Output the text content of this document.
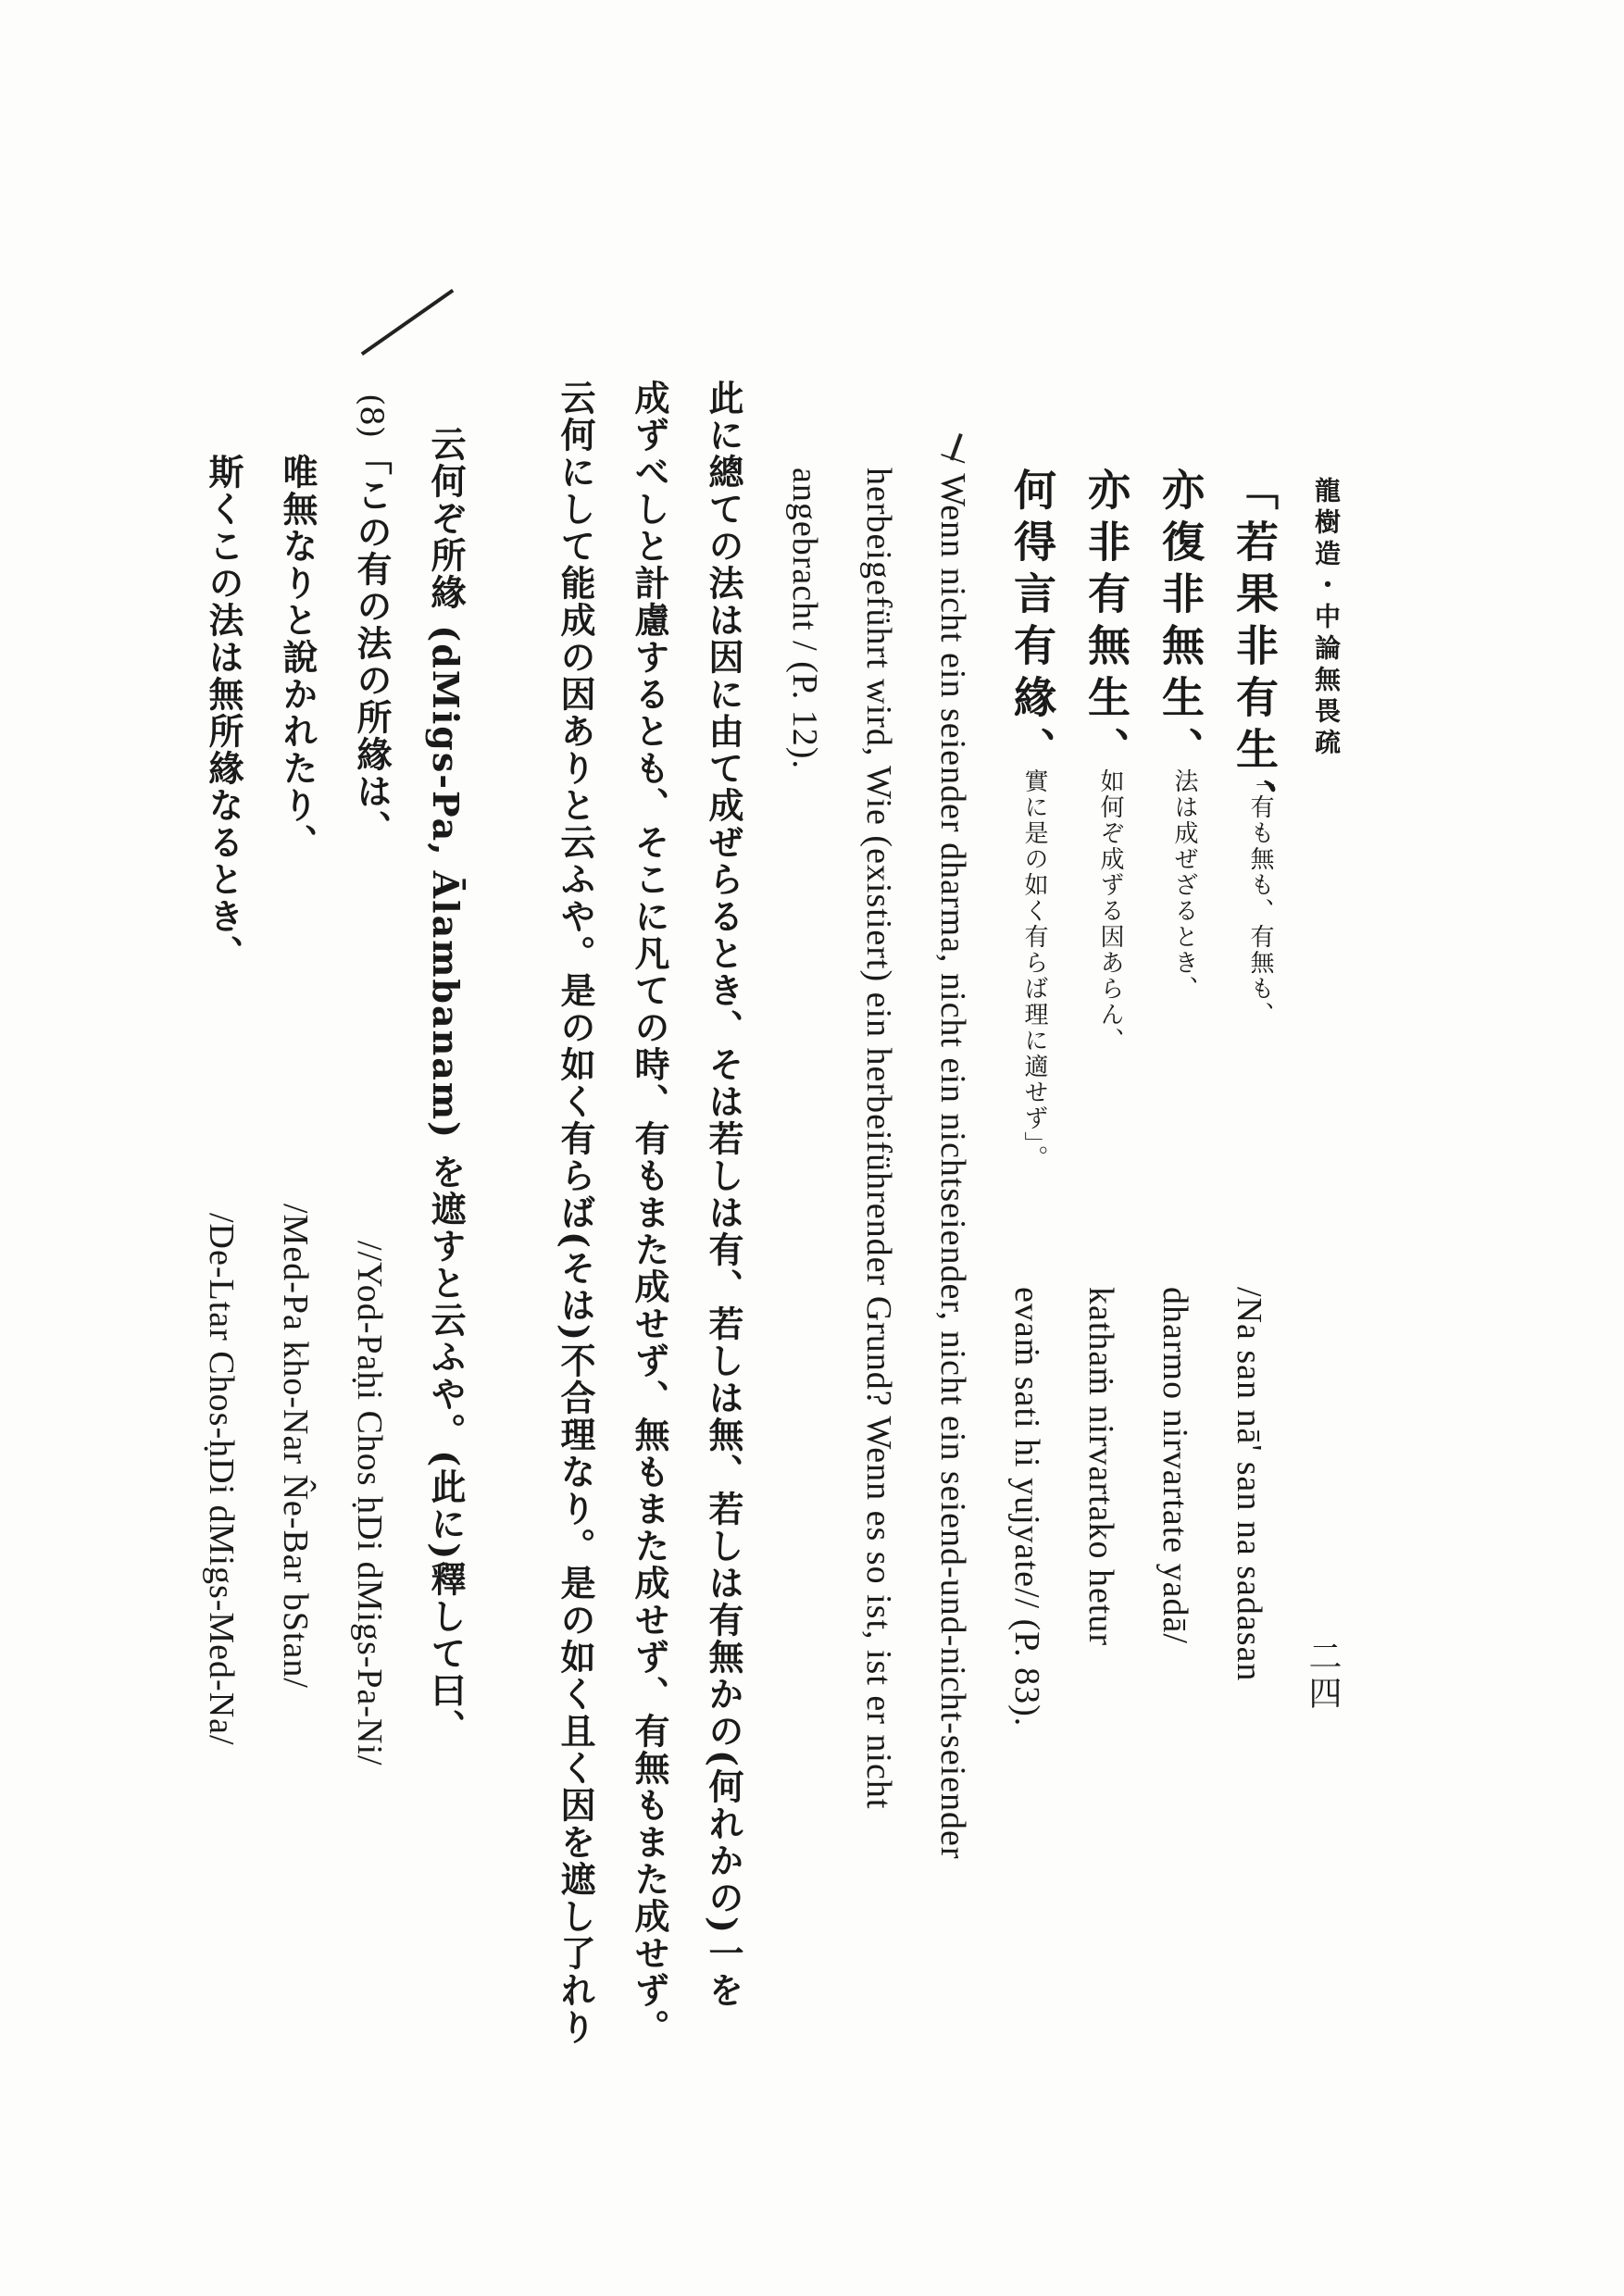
龍樹造・中論無畏疏
二四
「若果非有生、
「有も無も、有無も、
/Na san nā' san na sadasan
亦復非無生、
法は成ぜざるとき、
dharmo nirvartate yadā/
亦非有無生、
如何ぞ成ずる因あらん、
kathaṁ nirvartako hetur
何得言有緣、
實に是の如く有らば理に適せず」。
evaṁ sati hi yujyate// (P. 83).
/ Wenn nicht ein seiender dharma, nicht ein nichtseiender, nicht ein seiend-und-nicht-seiender
herbeigeführt wird, Wie (existiert) ein herbeiführender Grund? Wenn es so ist, ist er nicht
angebracht / (P. 12).
此に總ての法は因に由て成ぜらるとき、そは若しは有、若しは無、若しは有無かの(何れかの)一を
成ずべしと計慮するとも、そこに凡ての時、有もまた成せず、無もまた成せず、有無もまた成せず。
云何にして能成の因ありと云ふや。是の如く有らば(そは)不合理なり。是の如く且く因を遮し了れり
云何ぞ所緣 (dMigs-Pa, Ālambanam) を遮すと云ふや。(此に)釋して曰、
(8)
「この有の法の所緣は、
//Yod-Paḥi Chos ḥDi dMigs-Pa-Ni/
唯無なりと說かれたり、
/Med-Pa kho-Nar N̂e-Bar bStan/
斯くこの法は無所緣なるとき、
/De-Ltar Chos-ḥDi dMigs-Med-Na/
